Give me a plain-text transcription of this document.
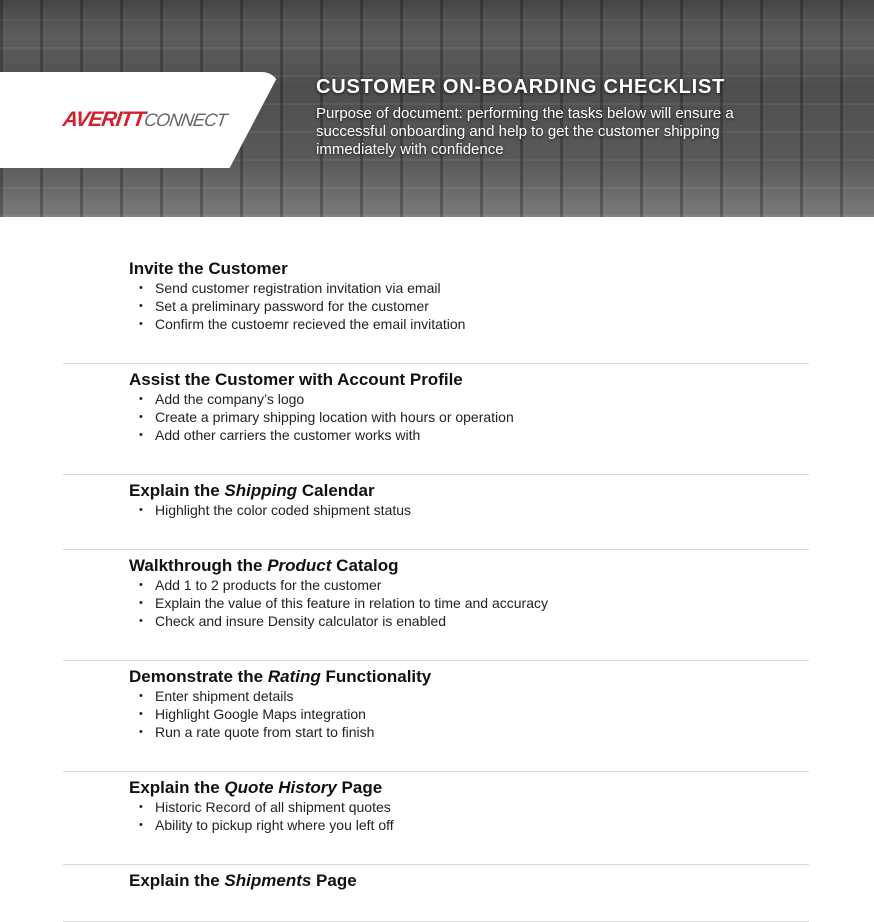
AVERITTCONNECT
CUSTOMER ON-BOARDING CHECKLIST

Purpose of document: performing the tasks below will ensure a successful onboarding and help to get the customer shipping immediately with confidence

Invite the Customer
• Send customer registration invitation via email
• Set a preliminary password for the customer
• Confirm the custoemr recieved the email invitation
Assist the Customer with Account Profile
• Add the company’s logo
• Create a primary shipping location with hours or operation
• Add other carriers the customer works with
Explain the Shipping Calendar
• Highlight the color coded shipment status
Walkthrough the Product Catalog
• Add 1 to 2 products for the customer
• Explain the value of this feature in relation to time and accuracy
• Check and insure Density calculator is enabled
Demonstrate the Rating Functionality
• Enter shipment details
• Highlight Google Maps integration
• Run a rate quote from start to finish
Explain the Quote History Page
• Historic Record of all shipment quotes
• Ability to pickup right where you left off
Explain the Shipments Page
